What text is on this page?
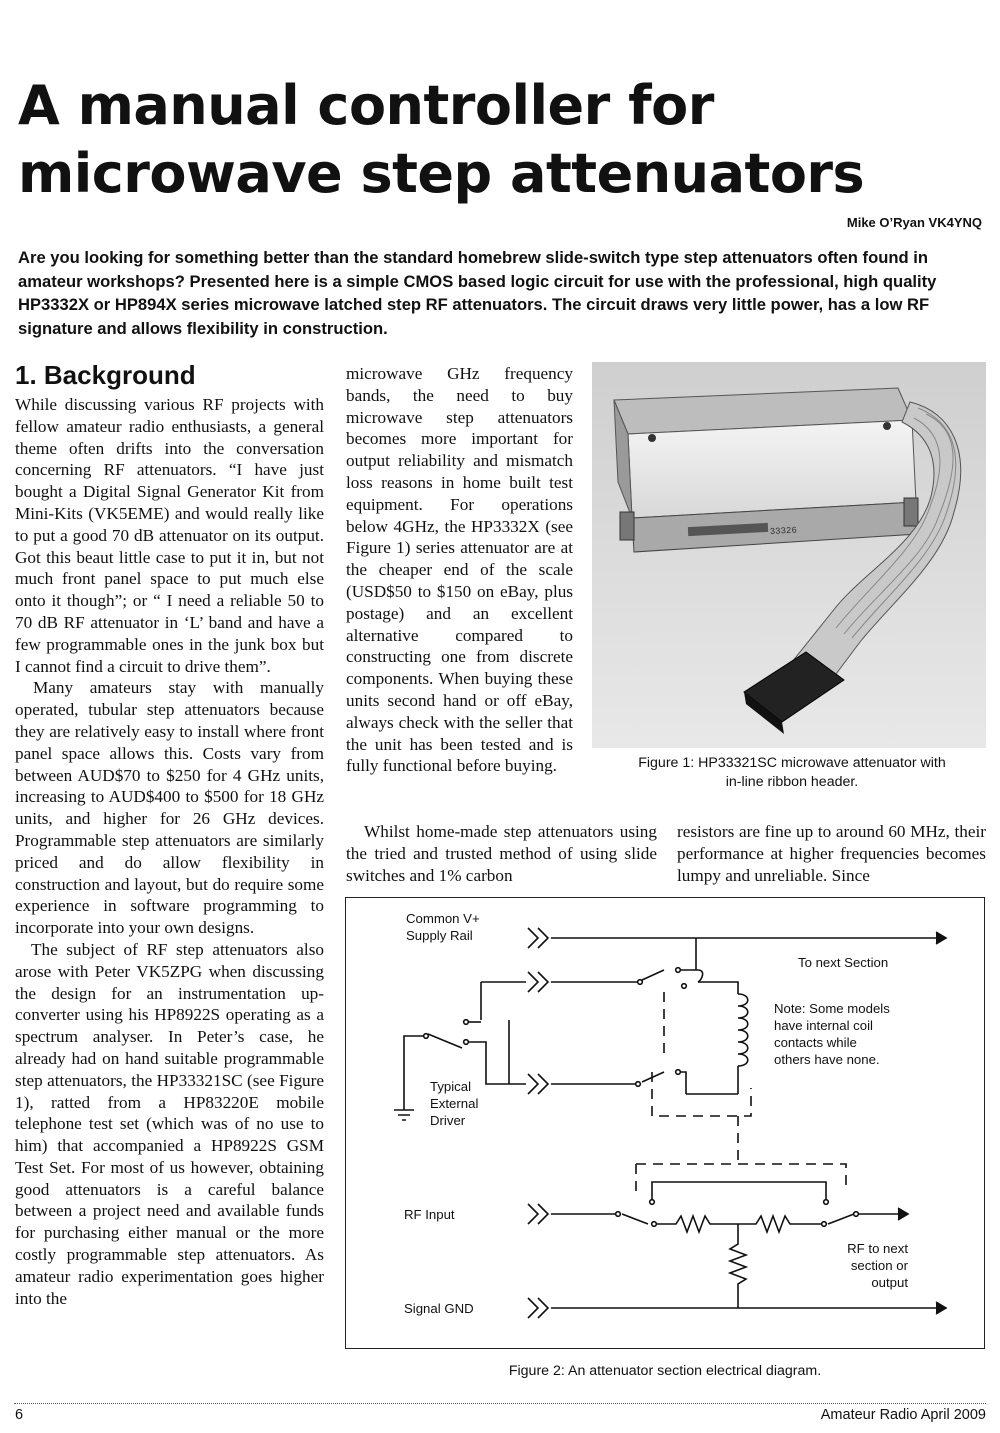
A manual controller for
microwave step attenuators
Mike O’Ryan VK4YNQ

Are you looking for something better than the standard homebrew slide-switch type step attenuators often found in amateur workshops? Presented here is a simple CMOS based logic circuit for use with the professional, high quality HP3332X or HP894X series microwave latched step RF attenuators. The circuit draws very little power, has a low RF signature and allows flexibility in construction.

1. Background

While discussing various RF projects with fellow amateur radio enthusiasts, a general theme often drifts into the conversation concerning RF attenuators. “I have just bought a Digital Signal Generator Kit from Mini-Kits (VK5EME) and would really like to put a good 70 dB attenuator on its output. Got this beaut little case to put it in, but not much front panel space to put much else onto it though”; or “ I need a reliable 50 to 70 dB RF attenuator in ‘L’ band and have a few programmable ones in the junk box but I cannot find a circuit to drive them”.

Many amateurs stay with manually operated, tubular step attenuators because they are relatively easy to install where front panel space allows this. Costs vary from between AUD$70 to $250 for 4 GHz units, increasing to AUD$400 to $500 for 18 GHz units, and higher for 26 GHz devices. Programmable step attenuators are similarly priced and do allow flexibility in construction and layout, but do require some experience in software programming to incorporate into your own designs.

The subject of RF step attenuators also arose with Peter VK5ZPG when discussing the design for an instrumentation up-converter using his HP8922S operating as a spectrum analyser. In Peter’s case, he already had on hand suitable programmable step attenuators, the HP33321SC (see Figure 1), ratted from a HP83220E mobile telephone test set (which was of no use to him) that accompanied a HP8922S GSM Test Set. For most of us however, obtaining good attenuators is a careful balance between a project need and available funds for purchasing either manual or the more costly programmable step attenuators. As amateur radio experimentation goes higher into the

microwave GHz frequency bands, the need to buy microwave step attenuators becomes more important for output reliability and mismatch loss reasons in home built test equipment. For operations below 4GHz, the HP3332X (see Figure 1) series attenuator are at the cheaper end of the scale (USD$50 to $150 on eBay, plus postage) and an excellent alternative compared to constructing one from discrete components. When buying these units second hand or off eBay, always check with the seller that the unit has been tested and is fully functional before buying.

Whilst home-made step attenuators using the tried and trusted method of using slide switches and 1% carbon

resistors are fine up to around 60 MHz, their performance at higher frequencies becomes lumpy and unreliable. Since

33326
Figure 1: HP33321SC microwave attenuator with
in-line ribbon header.
Common V+
Supply Rail
To next Section
Note: Some models
have internal coil
contacts while
others have none.
Typical
External
Driver
RF Input
RF to next
section or
output
Signal GND
Figure 2: An attenuator section electrical diagram.
6	Amateur Radio April 2009
